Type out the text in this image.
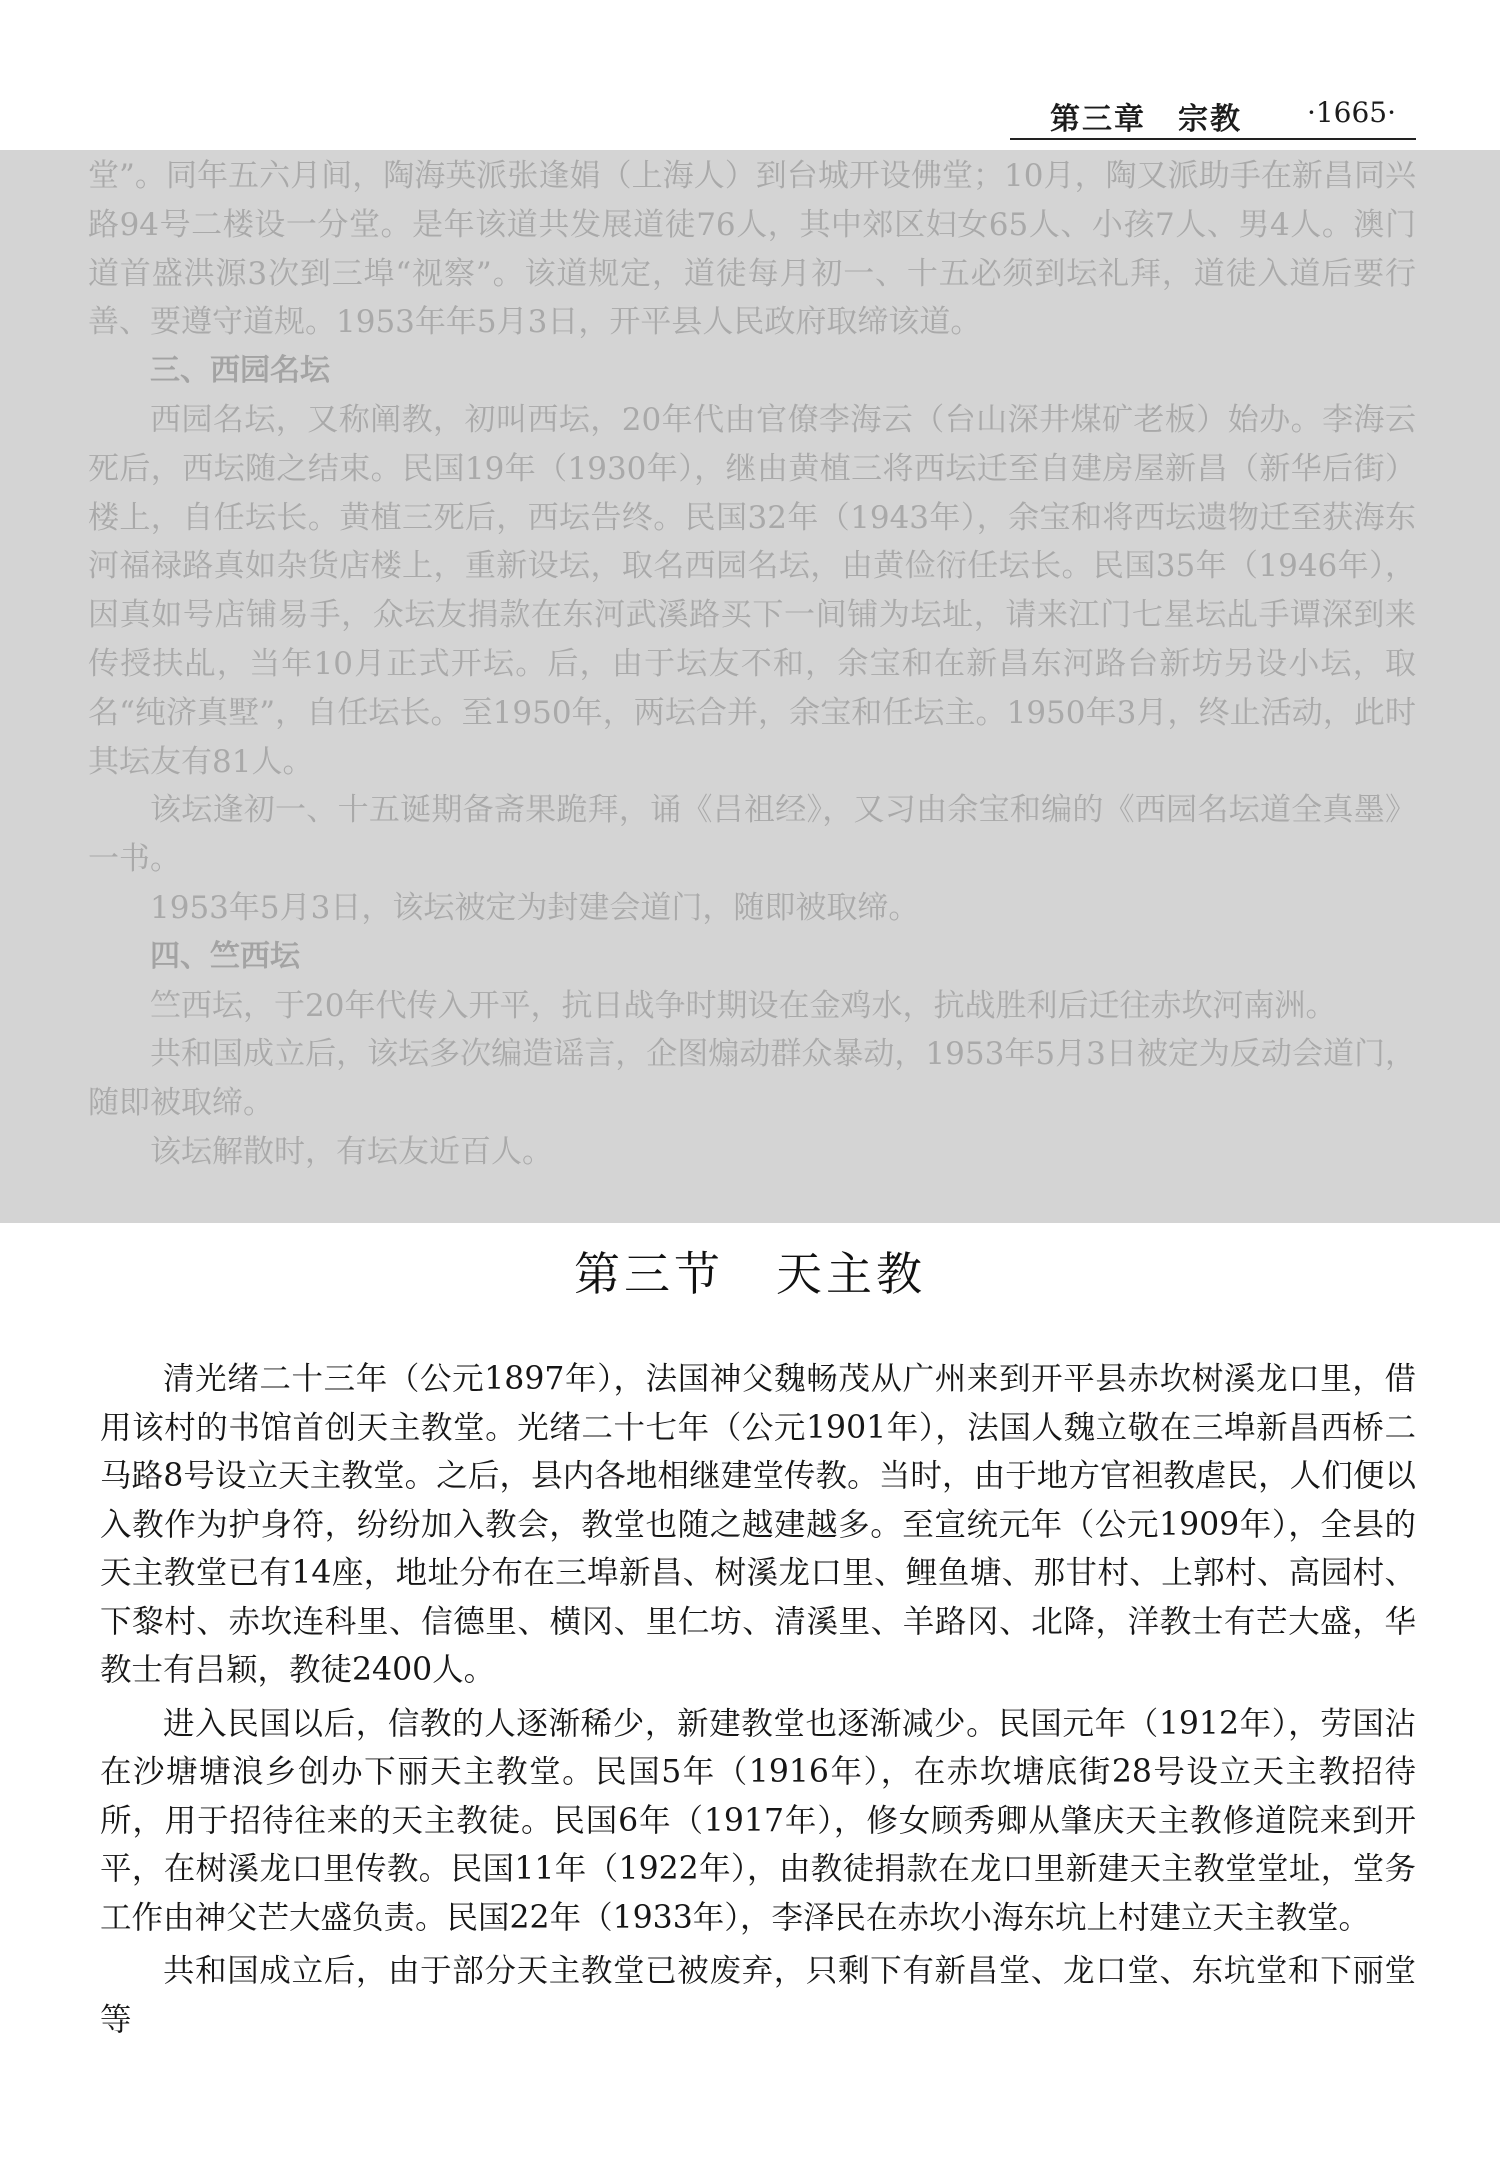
第三章　宗教 ·1665·

堂”。同年五六月间，陶海英派张逢娟（上海人）到台城开设佛堂；10月，陶又派助手在新昌同兴路94号二楼设一分堂。是年该道共发展道徒76人，其中郊区妇女65人、小孩7人、男4人。澳门道首盛洪源3次到三埠“视察”。该道规定，道徒每月初一、十五必须到坛礼拜，道徒入道后要行善、要遵守道规。1953年年5月3日，开平县人民政府取缔该道。

三、西园名坛

西园名坛，又称阐教，初叫西坛，20年代由官僚李海云（台山深井煤矿老板）始办。李海云死后，西坛随之结束。民国19年（1930年），继由黄植三将西坛迁至自建房屋新昌（新华后街）楼上，自任坛长。黄植三死后，西坛告终。民国32年（1943年），余宝和将西坛遗物迁至获海东河福禄路真如杂货店楼上，重新设坛，取名西园名坛，由黄俭衍任坛长。民国35年（1946年），因真如号店铺易手，众坛友捐款在东河武溪路买下一间铺为坛址，请来江门七星坛乩手谭深到来传授扶乩，当年10月正式开坛。后，由于坛友不和，余宝和在新昌东河路台新坊另设小坛，取名“纯济真墅”，自任坛长。至1950年，两坛合并，余宝和任坛主。1950年3月，终止活动，此时其坛友有81人。

该坛逢初一、十五诞期备斋果跪拜，诵《吕祖经》，又习由余宝和编的《西园名坛道全真墨》一书。

1953年5月3日，该坛被定为封建会道门，随即被取缔。

四、竺西坛

竺西坛，于20年代传入开平，抗日战争时期设在金鸡水，抗战胜利后迁往赤坎河南洲。

共和国成立后，该坛多次编造谣言，企图煽动群众暴动，1953年5月3日被定为反动会道门，随即被取缔。

该坛解散时，有坛友近百人。

第三节 天主教

清光绪二十三年（公元1897年），法国神父魏畅茂从广州来到开平县赤坎树溪龙口里，借用该村的书馆首创天主教堂。光绪二十七年（公元1901年），法国人魏立敬在三埠新昌西桥二马路8号设立天主教堂。之后，县内各地相继建堂传教。当时，由于地方官袒教虐民，人们便以入教作为护身符，纷纷加入教会，教堂也随之越建越多。至宣统元年（公元1909年），全县的天主教堂已有14座，地址分布在三埠新昌、树溪龙口里、鲤鱼塘、那甘村、上郭村、高园村、下黎村、赤坎连科里、信德里、横冈、里仁坊、清溪里、羊路冈、北降，洋教士有芒大盛，华教士有吕颖，教徒2400人。

进入民国以后，信教的人逐渐稀少，新建教堂也逐渐减少。民国元年（1912年），劳国沾在沙塘塘浪乡创办下丽天主教堂。民国5年（1916年），在赤坎塘底街28号设立天主教招待所，用于招待往来的天主教徒。民国6年（1917年），修女顾秀卿从肇庆天主教修道院来到开平，在树溪龙口里传教。民国11年（1922年），由教徒捐款在龙口里新建天主教堂堂址，堂务工作由神父芒大盛负责。民国22年（1933年），李泽民在赤坎小海东坑上村建立天主教堂。

共和国成立后，由于部分天主教堂已被废弃，只剩下有新昌堂、龙口堂、东坑堂和下丽堂等
